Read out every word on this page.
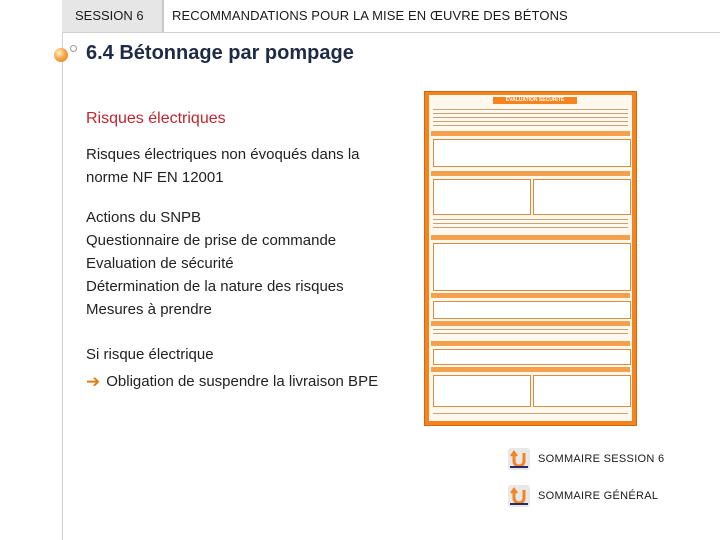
SESSION 6 RECOMMANDATIONS POUR LA MISE EN ŒUVRE DES BÉTONS
6.4 Bétonnage par pompage
Risques électriques
Risques électriques non évoqués dans la norme NF EN 12001
Actions du SNPB
Questionnaire de prise de commande
Evaluation de sécurité
Détermination de la nature des risques
Mesures à prendre
Si risque électrique
➔ Obligation de suspendre la livraison BPE
EVALUATION SÉCURITÉ
SOMMAIRE SESSION 6
SOMMAIRE GÉNÉRAL
